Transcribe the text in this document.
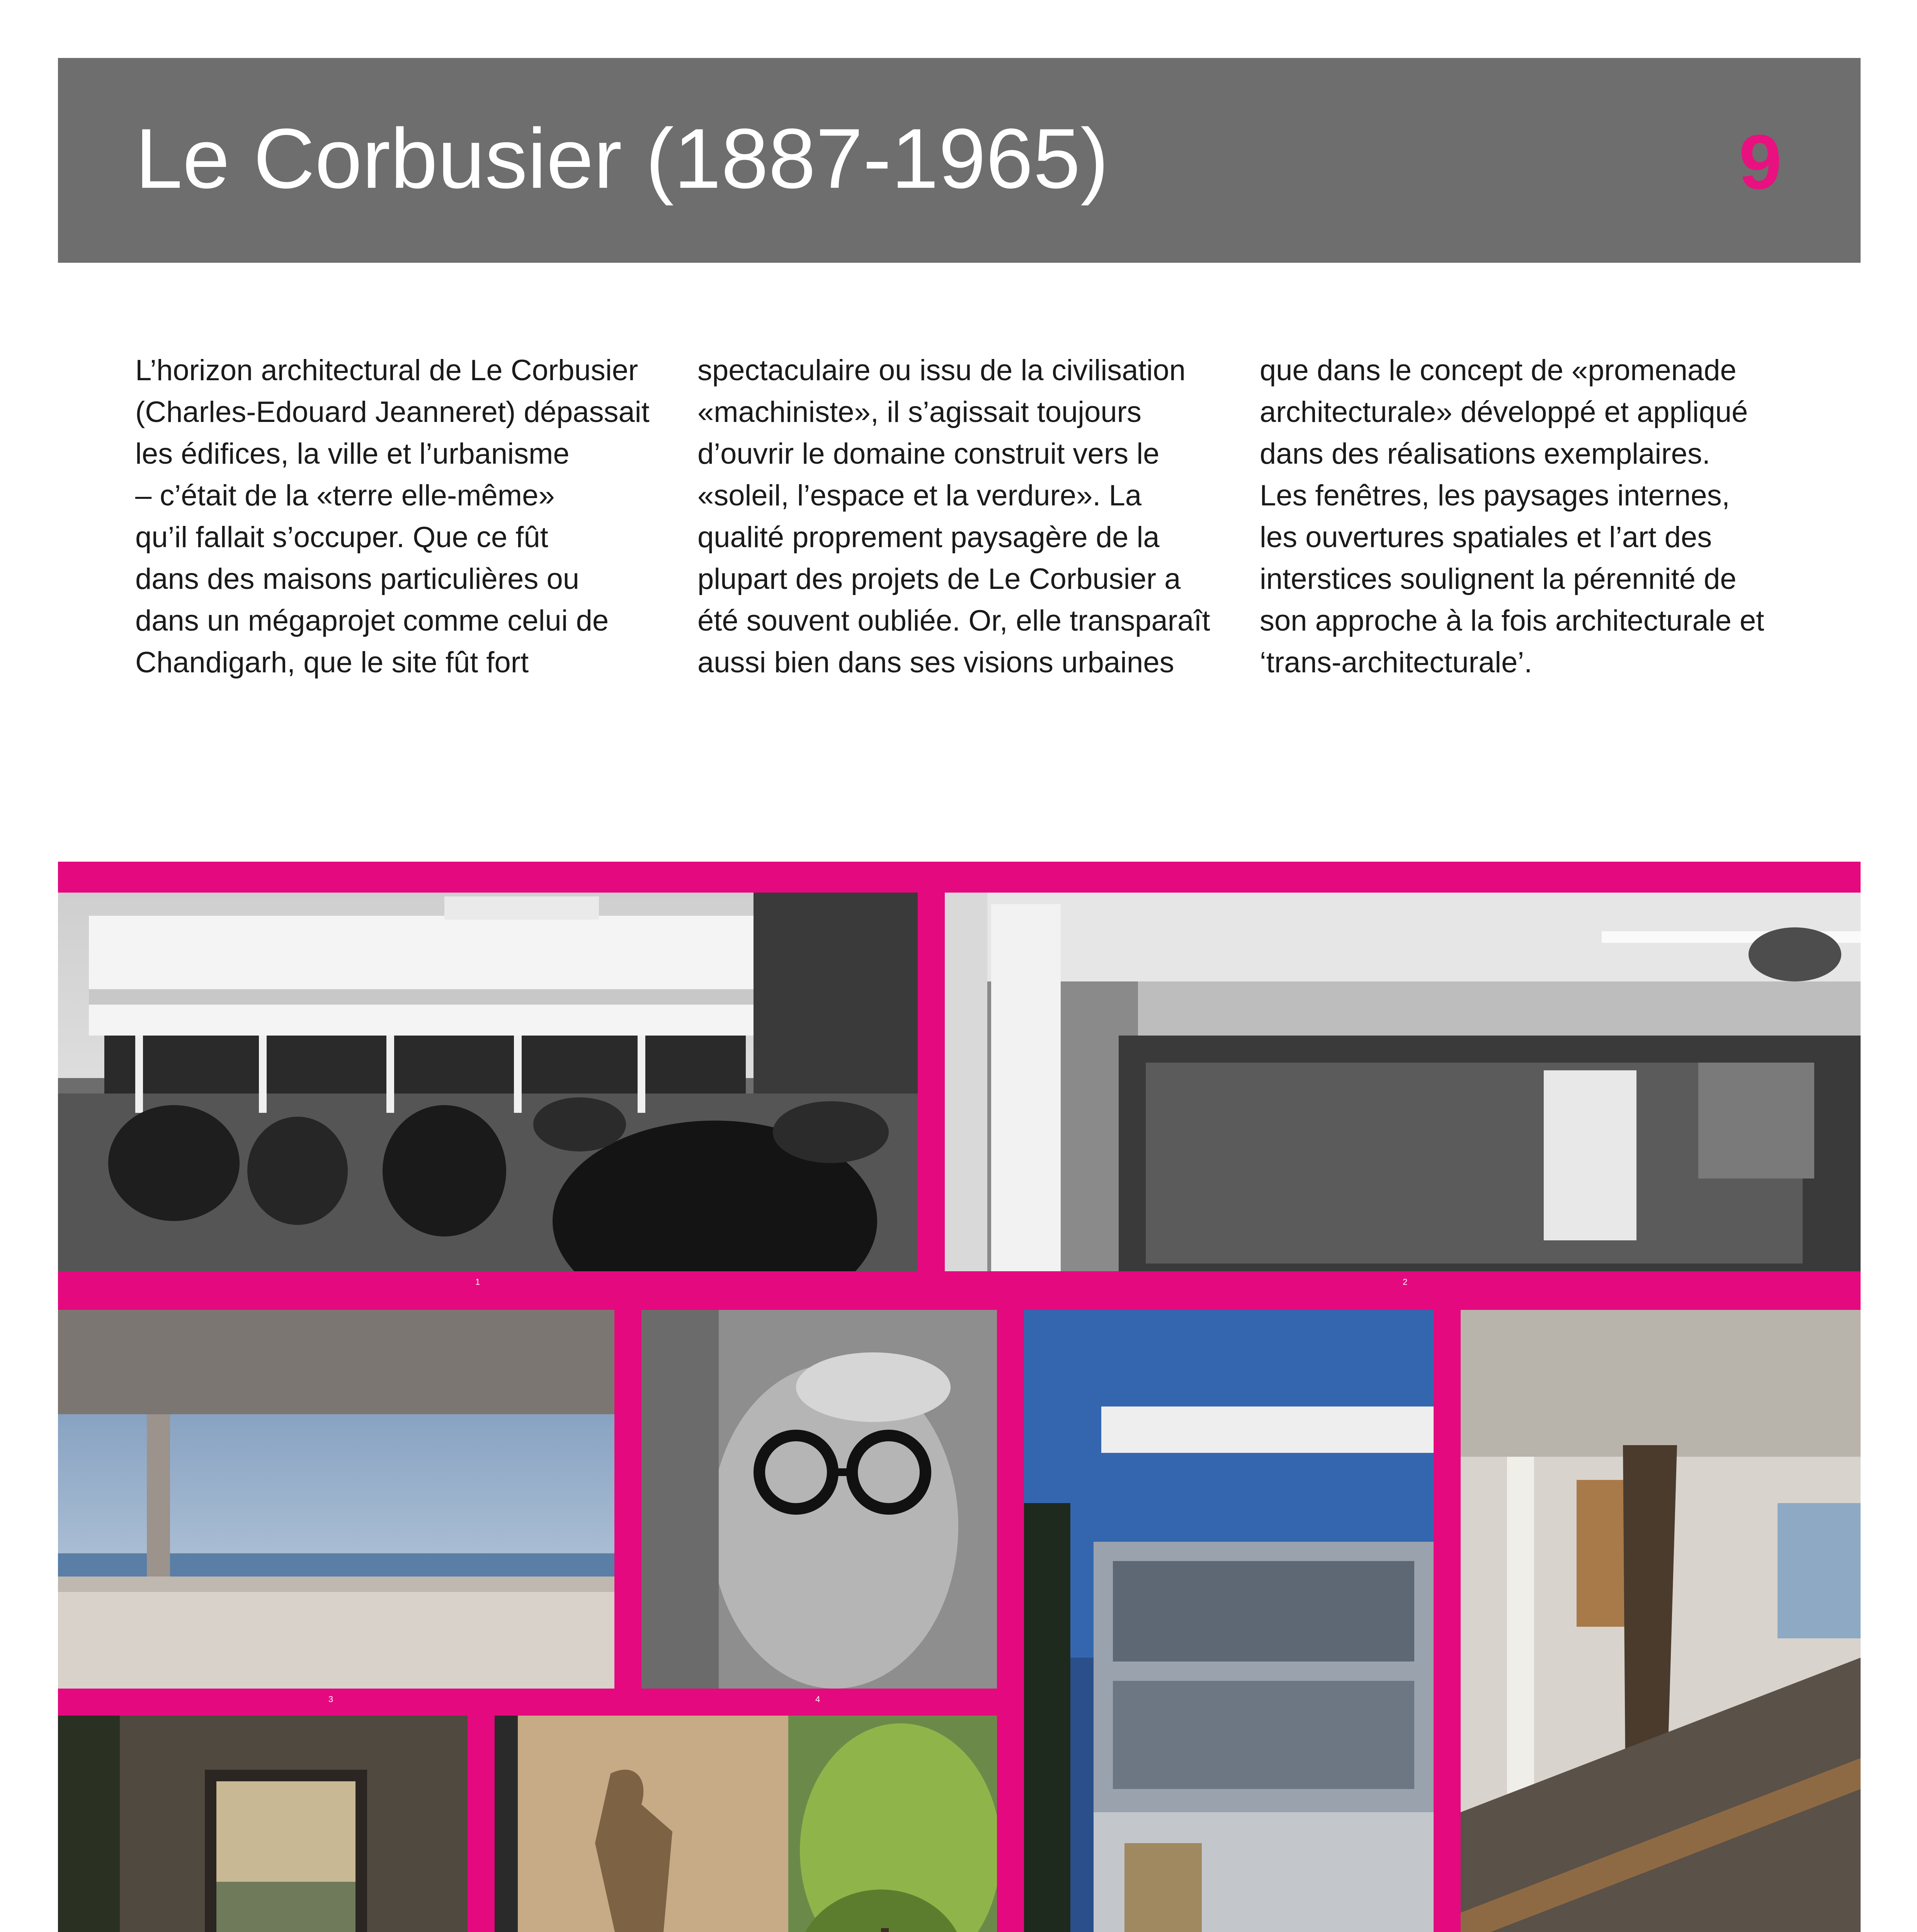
Le Corbusier (1887-1965)	9

L’horizon architectural de Le Corbusier

(Charles-Edouard Jeanneret) dépassait

les édifices, la ville et l’urbanisme

– c’était de la «terre elle-même»

qu’il fallait s’occuper. Que ce fût

dans des maisons particulières ou

dans un mégaprojet comme celui de

Chandigarh, que le site fût fort

spectaculaire ou issu de la civilisation

«machiniste», il s’agissait toujours

d’ouvrir le domaine construit vers le

«soleil, l’espace et la verdure». La

qualité proprement paysagère de la

plupart des projets de Le Corbusier a

été souvent oubliée. Or, elle transparaît

aussi bien dans ses visions urbaines

que dans le concept de «promenade

architecturale» développé et appliqué

dans des réalisations exemplaires.

Les fenêtres, les paysages internes,

les ouvertures spatiales et l’art des

interstices soulignent la pérennité de

son approche à la fois architecturale et

‘trans-architecturale’.

1	2
3	4
